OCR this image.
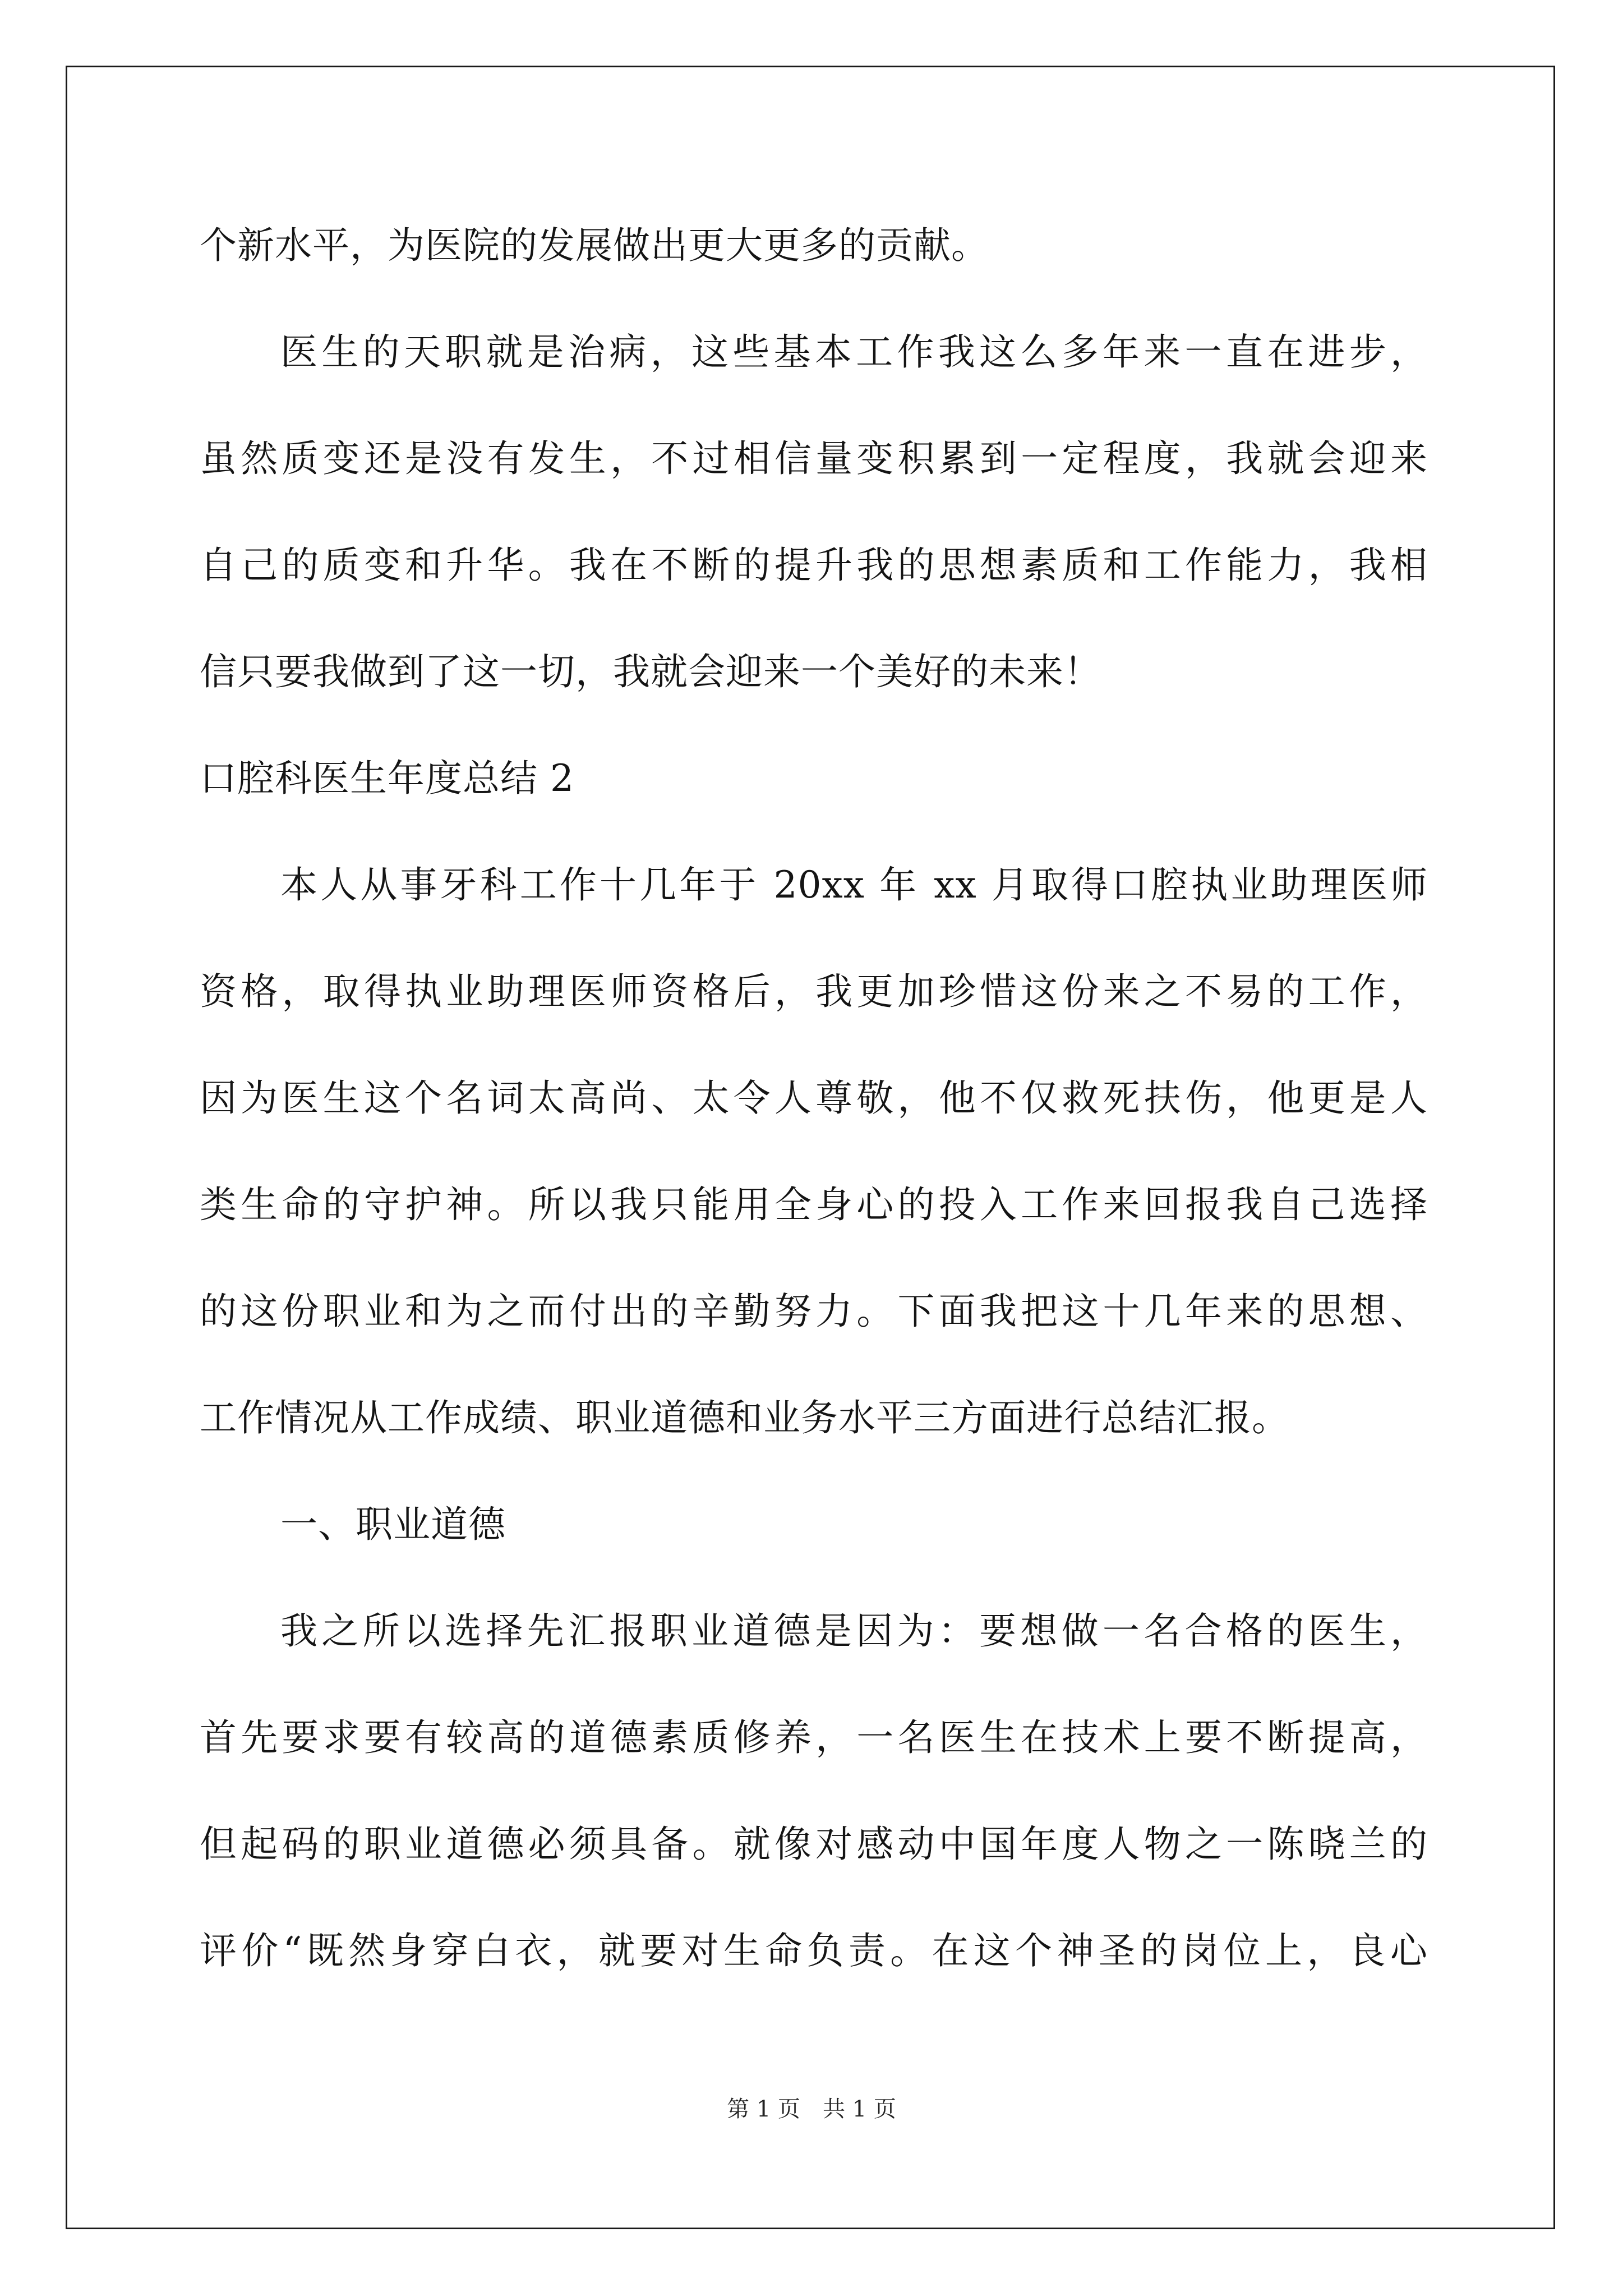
个新水平，为医院的发展做出更大更多的贡献。
医生的天职就是治病，这些基本工作我这么多年来一直在进步，
虽然质变还是没有发生，不过相信量变积累到一定程度，我就会迎来
自己的质变和升华。我在不断的提升我的思想素质和工作能力，我相
信只要我做到了这一切，我就会迎来一个美好的未来！
口腔科医生年度总结 2
本人从事牙科工作十几年于 20xx 年 xx 月取得口腔执业助理医师
资格，取得执业助理医师资格后，我更加珍惜这份来之不易的工作，
因为医生这个名词太高尚、太令人尊敬，他不仅救死扶伤，他更是人
类生命的守护神。所以我只能用全身心的投入工作来回报我自己选择
的这份职业和为之而付出的辛勤努力。下面我把这十几年来的思想、
工作情况从工作成绩、职业道德和业务水平三方面进行总结汇报。
一、职业道德
我之所以选择先汇报职业道德是因为：要想做一名合格的医生，
首先要求要有较高的道德素质修养，一名医生在技术上要不断提高，
但起码的职业道德必须具备。就像对感动中国年度人物之一陈晓兰的
评价“既然身穿白衣，就要对生命负责。在这个神圣的岗位上，良心
第 1 页　共 1 页
